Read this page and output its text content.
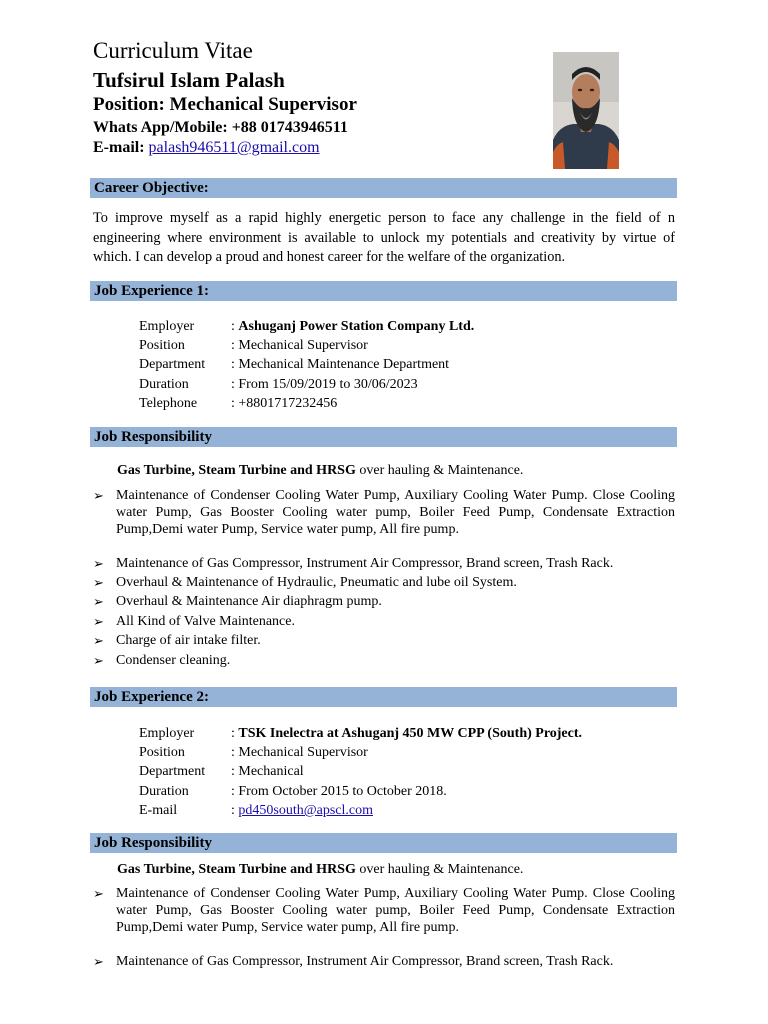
Curriculum Vitae
Tufsirul Islam Palash
Position: Mechanical Supervisor
Whats App/Mobile: +88 01743946511
E-mail: palash946511@gmail.com
Career Objective:
To improve myself as a rapid highly energetic person to face any challenge in the field of n engineering where environment is available to unlock my potentials and creativity by virtue of which. I can develop a proud and honest career for the welfare of the organization.
Job Experience 1:
Employer	: Ashuganj Power Station Company Ltd.
Position	: Mechanical Supervisor
Department : Mechanical Maintenance Department
Duration	: From 15/09/2019 to 30/06/2023
Telephone : +8801717232456
Job Responsibility
Gas Turbine, Steam Turbine and HRSG over hauling & Maintenance.
➢ Maintenance of Condenser Cooling Water Pump, Auxiliary Cooling Water Pump. Close Cooling water Pump, Gas Booster Cooling water pump, Boiler Feed Pump, Condensate Extraction Pump,Demi water Pump, Service water pump, All fire pump.
➢ Maintenance of Gas Compressor, Instrument Air Compressor, Brand screen, Trash Rack.
➢ Overhaul & Maintenance of Hydraulic, Pneumatic and lube oil System.
➢ Overhaul & Maintenance Air diaphragm pump.
➢ All Kind of Valve Maintenance.
➢ Charge of air intake filter.
➢ Condenser cleaning.
Job Experience 2:
Employer	: TSK Inelectra at Ashuganj 450 MW CPP (South) Project.
Position	: Mechanical Supervisor
Department : Mechanical
Duration	: From October 2015 to October 2018.
E-mail	: pd450south@apscl.com
Job Responsibility
Gas Turbine, Steam Turbine and HRSG over hauling & Maintenance.
➢ Maintenance of Condenser Cooling Water Pump, Auxiliary Cooling Water Pump. Close Cooling water Pump, Gas Booster Cooling water pump, Boiler Feed Pump, Condensate Extraction Pump,Demi water Pump, Service water pump, All fire pump.
➢ Maintenance of Gas Compressor, Instrument Air Compressor, Brand screen, Trash Rack.
